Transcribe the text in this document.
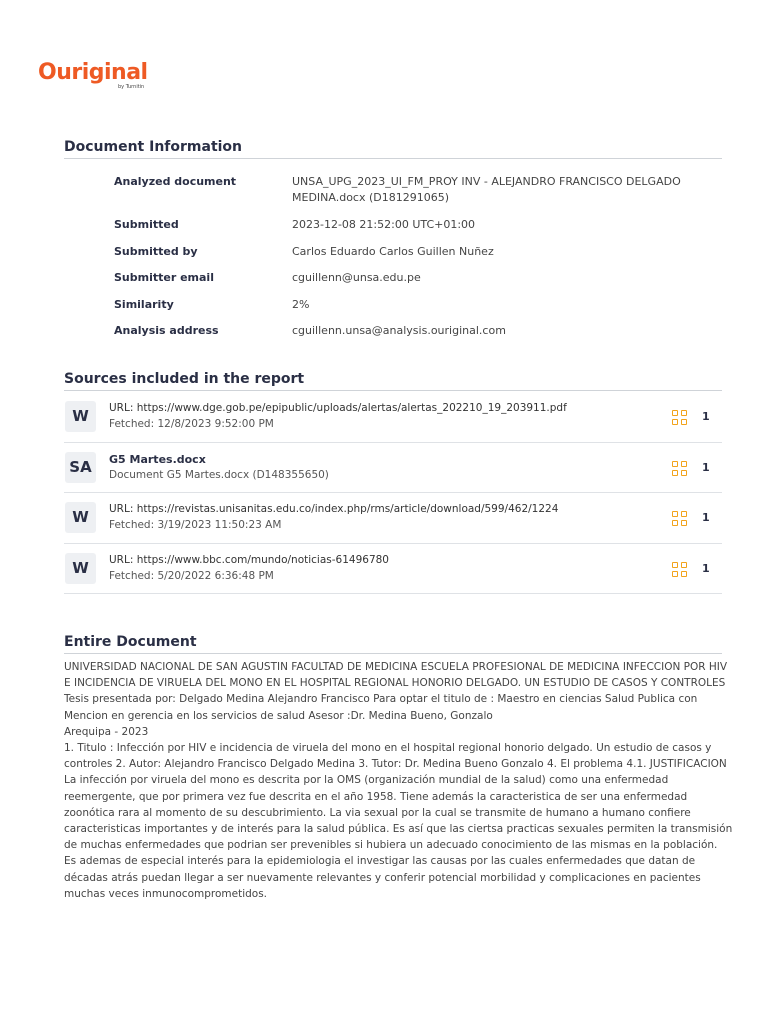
Ouriginal
by Turnitin
Document Information
Analyzed document	UNSA_UPG_2023_UI_FM_PROY INV - ALEJANDRO FRANCISCO DELGADO MEDINA.docx (D181291065)
Submitted	2023-12-08 21:52:00 UTC+01:00
Submitted by	Carlos Eduardo Carlos Guillen Nuñez
Submitter email	cguillenn@unsa.edu.pe
Similarity	2%
Analysis address	cguillenn.unsa@analysis.ouriginal.com
Sources included in the report
W	URL: https://www.dge.gob.pe/epipublic/uploads/alertas/alertas_202210_19_203911.pdf
Fetched: 12/8/2023 9:52:00 PM
1
SA	G5 Martes.docx
Document G5 Martes.docx (D148355650)
1
W	URL: https://revistas.unisanitas.edu.co/index.php/rms/article/download/599/462/1224
Fetched: 3/19/2023 11:50:23 AM
1
W	URL: https://www.bbc.com/mundo/noticias-61496780
Fetched: 5/20/2022 6:36:48 PM
1
Entire Document

UNIVERSIDAD NACIONAL DE SAN AGUSTIN FACULTAD DE MEDICINA ESCUELA PROFESIONAL DE MEDICINA INFECCION POR HIV E INCIDENCIA DE VIRUELA DEL MONO EN EL HOSPITAL REGIONAL HONORIO DELGADO. UN ESTUDIO DE CASOS Y CONTROLES

Tesis presentada por: Delgado Medina Alejandro Francisco Para optar el titulo de : Maestro en ciencias Salud Publica con Mencion en gerencia en los servicios de salud Asesor :Dr. Medina Bueno, Gonzalo

Arequipa - 2023

1. Titulo : Infección por HIV e incidencia de viruela del mono en el hospital regional honorio delgado. Un estudio de casos y controles 2. Autor: Alejandro Francisco Delgado Medina 3. Tutor: Dr. Medina Bueno Gonzalo 4. El problema 4.1. JUSTIFICACION La infección por viruela del mono es descrita por la OMS (organización mundial de la salud) como una enfermedad reemergente, que por primera vez fue descrita en el año 1958. Tiene además la caracteristica de ser una enfermedad zoonótica rara al momento de su descubrimiento. La via sexual por la cual se transmite de humano a humano confiere caracteristicas importantes y de interés para la salud pública. Es así que las ciertsa practicas sexuales permiten la transmisión de muchas enfermedades que podrian ser prevenibles si hubiera un adecuado conocimiento de las mismas en la población.

Es ademas de especial interés para la epidemiologia el investigar las causas por las cuales enfermedades que datan de décadas atrás puedan llegar a ser nuevamente relevantes y conferir potencial morbilidad y complicaciones en pacientes muchas veces inmunocomprometidos.
